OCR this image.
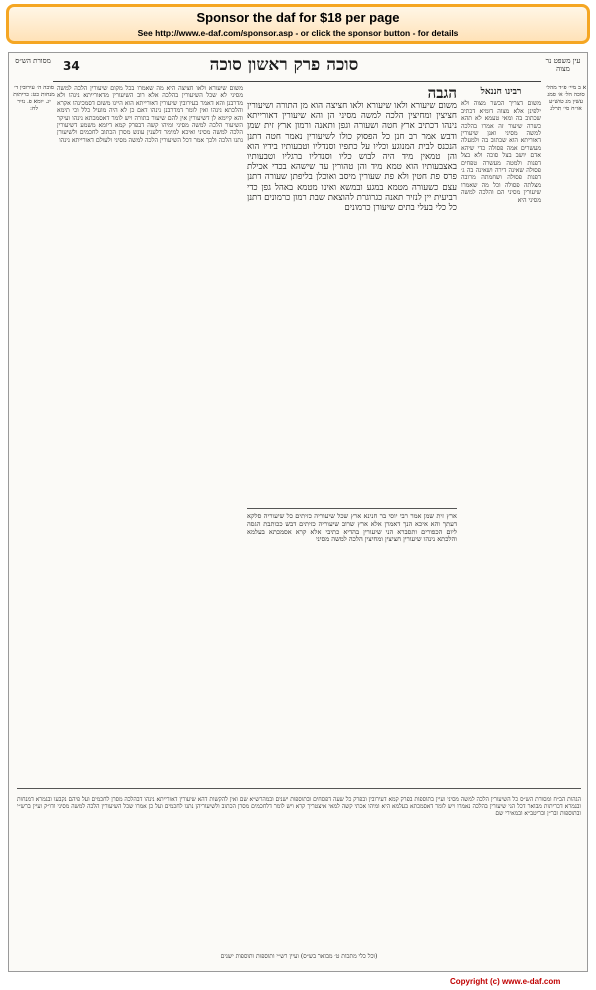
Sponsor the daf for $18 per page
See http://www.e-daf.com/sponsor.asp - or click the sponsor button - for details
מסורת הש״ס 34	סוכה פרק ראשון סוכה	עין משפט נר מצוה

א ב מיי׳ פ״ד מהל׳ סוכה הל׳ א׳ סמג עשין מג טוש״ע או״ח סי׳ תרלג

רבינו חננאל

משום דצריך הכשר מצוה ולא ילפינן אלא מצוה דומיא דכתיב שכתוב בה ומאי טעמא לא תהא כשרה שיעור זה אמרו בהלכה למשה מסיני ואנן שיעורין דאוריתא הוא שכתוב בה ולמעלה מעשרים אמה פסולה כדי שיהא אדם יושב בצל סוכה ולא בצל דפנות ולמטה מעשרה טפחים פסולה שאינה דירה ושאינה בה ג׳ דפנות פסולה ושחמתה מרובה מצלתה פסולה וכל מה שאמרו שיעורין מסיני הם והלכה למשה מסיני היא

הגבה

משום שיעורא ולאו שיעורא ולאו חציצה הוא מן התורה ושיעורין חציצין ומחיצין הלכה למשה מסיני הן והא שיעורין דאורייתא נינהו דכתיב ארץ חטה ושעורה וגפן ותאנה ורמון ארץ זית שמן ודבש אמר רב חנן כל הפסוק כולו לשיעורין נאמר חטה דתנן הנכנס לבית המנוגע וכליו על כתפיו וסנדליו וטבעותיו בידיו הוא והן טמאין מיד היה לבוש כליו וסנדליו ברגליו וטבעותיו באצבעותיו הוא טמא מיד והן טהורין עד שישהא בכדי אכילת פרס פת חטין ולא פת שעורין מיסב ואוכלן בליפתן שעורה דתנן עצם כשעורה מטמא במגע ובמשא ואינו מטמא באהל גפן כדי רביעית יין לנזיר תאנה כגרוגרת להוצאת שבת רמון כרמונים דתנן כל כלי בעלי בתים שיעורן כרמונים

ארץ זית שמן אמר רבי יוסי בר חנינא ארץ שכל שיעוריה כזיתים כל שיעוריה סלקא דעתך והא איכא הנך דאמרן אלא ארץ שרוב שיעוריה כזיתים דבש ככותבת הגסה ליום הכפורים ותסברא הני שיעורין בהדיא כתיבי אלא קרא אסמכתא בעלמא והלכתא נינהו שיעורין חציצין ומחיצין הלכה למשה מסיני

משום שיעורא ולאו חציצה היא מה שאמרו בכל מקום שיעורין הלכה למשה מסיני לא שכל השיעורין בהלכה אלא רוב השיעורין מדאורייתא נינהו ולא מדרבנן והא דאמר בעירובין שיעורין דאורייתא הוא היינו משום דסמכינהו אקרא והלכתא נינהו ואין לומר דמדרבנן נינהו דאם כן לא היה מועיל כלל וכי תימא והא קיימא לן דשיעורין אין להם שיעור בתורה ויש לומר דאסמכתא נינהו ועיקר השיעור הלכה למשה מסיני ומיהו קשה דבפרק קמא דיומא משמע דשיעורין הלכה למשה מסיני ואיכא למימר דלענין עונש מסרן הכתוב לחכמים ולשיעורן נתנו הלכה ולכך אמר דכל השיעורין הלכה למשה מסיני ולעולם דאורייתא נינהו

סוכה ה׳ עירובין ד׳ מנחות כט: כריתות יג. יומא פ. נזיר לח:

הגהות הב״ח ומסורת הש״ס כל השיעורין הלכה למשה מסיני ועיין בתוספות בפרק קמא דעירובין ובפרק כל שעה דפסחים ובתוספות ישנים ובמהרש״א שם ואין להקשות דהא שיעורין דאורייתא נינהו דבהלכה מסרן לחכמים ועל פיהם נקבעו ובגמרא דמנחות ובגמרא דכריתות מבואר דכל הני שיעורין בהלכה נאמרו ויש לומר דאסמכתא בעלמא היא ומיהו אכתי קשה למאי איצטריך קרא ויש לומר דלחכמים מסרן הכתוב ולשיעוריהן נתנו לחכמים ועל כן אמרו שכל השיעורין הלכה למשה מסיני ודו״ק ועיין ברש״י ובתוספות ובר״ן ובריטב״א ובמאירי שם

(וכל כלי מתכות ט׳ מבואר בש״ס) ועיין רש״י ותוספות ותוספות ישנים
Copyright (c) www.e-daf.com
